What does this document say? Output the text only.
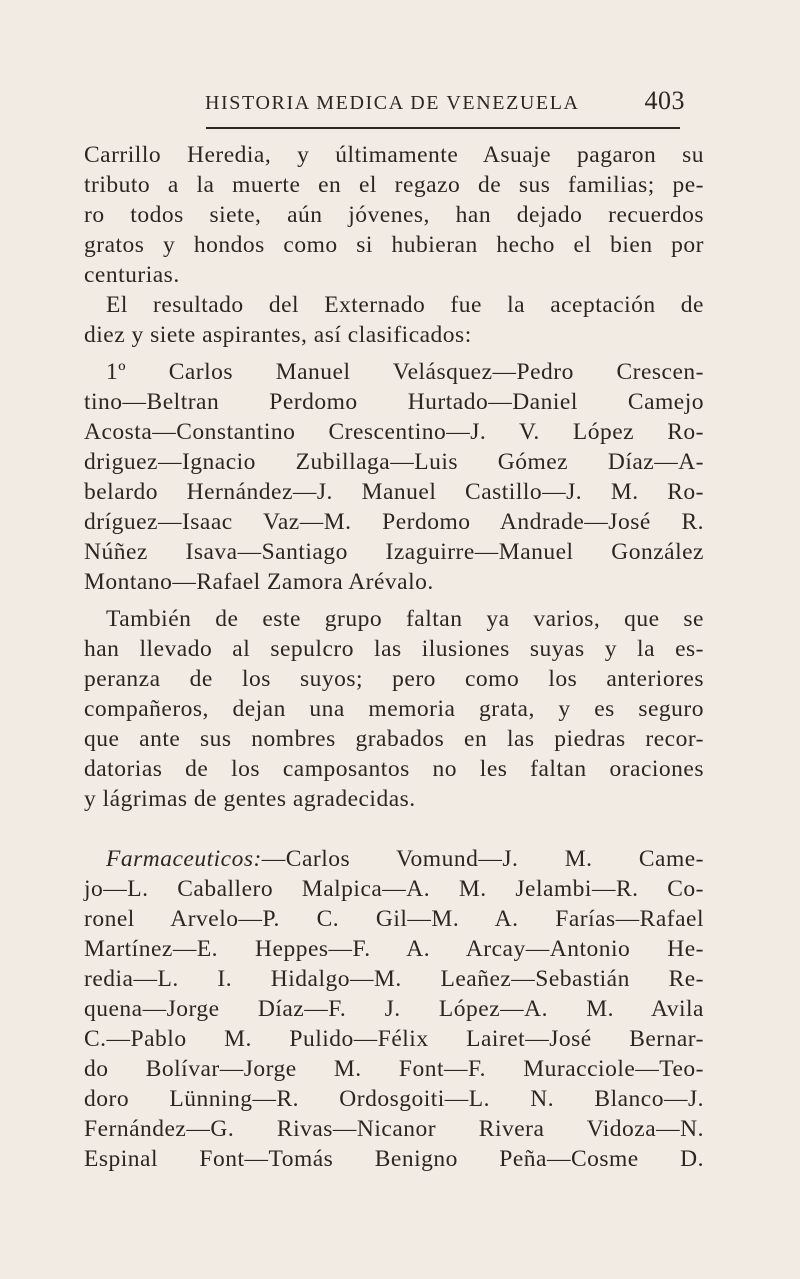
HISTORIA MEDICA DE VENEZUELA 403
Carrillo Heredia, y últimamente Asuaje pagaron su
tributo a la muerte en el regazo de sus familias; pe-
ro todos siete, aún jóvenes, han dejado recuerdos
gratos y hondos como si hubieran hecho el bien por
centurias.
El resultado del Externado fue la aceptación de
diez y siete aspirantes, así clasificados:
1º Carlos Manuel Velásquez—Pedro Crescen-
tino—Beltran Perdomo Hurtado—Daniel Camejo
Acosta—Constantino Crescentino—J. V. López Ro-
driguez—Ignacio Zubillaga—Luis Gómez Díaz—A-
belardo Hernández—J. Manuel Castillo—J. M. Ro-
dríguez—Isaac Vaz—M. Perdomo Andrade—José R.
Núñez Isava—Santiago Izaguirre—Manuel González
Montano—Rafael Zamora Arévalo.
También de este grupo faltan ya varios, que se
han llevado al sepulcro las ilusiones suyas y la es-
peranza de los suyos; pero como los anteriores
compañeros, dejan una memoria grata, y es seguro
que ante sus nombres grabados en las piedras recor-
datorias de los camposantos no les faltan oraciones
y lágrimas de gentes agradecidas.
Farmaceuticos:—Carlos Vomund—J. M. Came-
jo—L. Caballero Malpica—A. M. Jelambi—R. Co-
ronel Arvelo—P. C. Gil—M. A. Farías—Rafael
Martínez—E. Heppes—F. A. Arcay—Antonio He-
redia—L. I. Hidalgo—M. Leañez—Sebastián Re-
quena—Jorge Díaz—F. J. López—A. M. Avila
C.—Pablo M. Pulido—Félix Lairet—José Bernar-
do Bolívar—Jorge M. Font—F. Muracciole—Teo-
doro Lünning—R. Ordosgoiti—L. N. Blanco—J.
Fernández—G. Rivas—Nicanor Rivera Vidoza—N.
Espinal Font—Tomás Benigno Peña—Cosme D.
